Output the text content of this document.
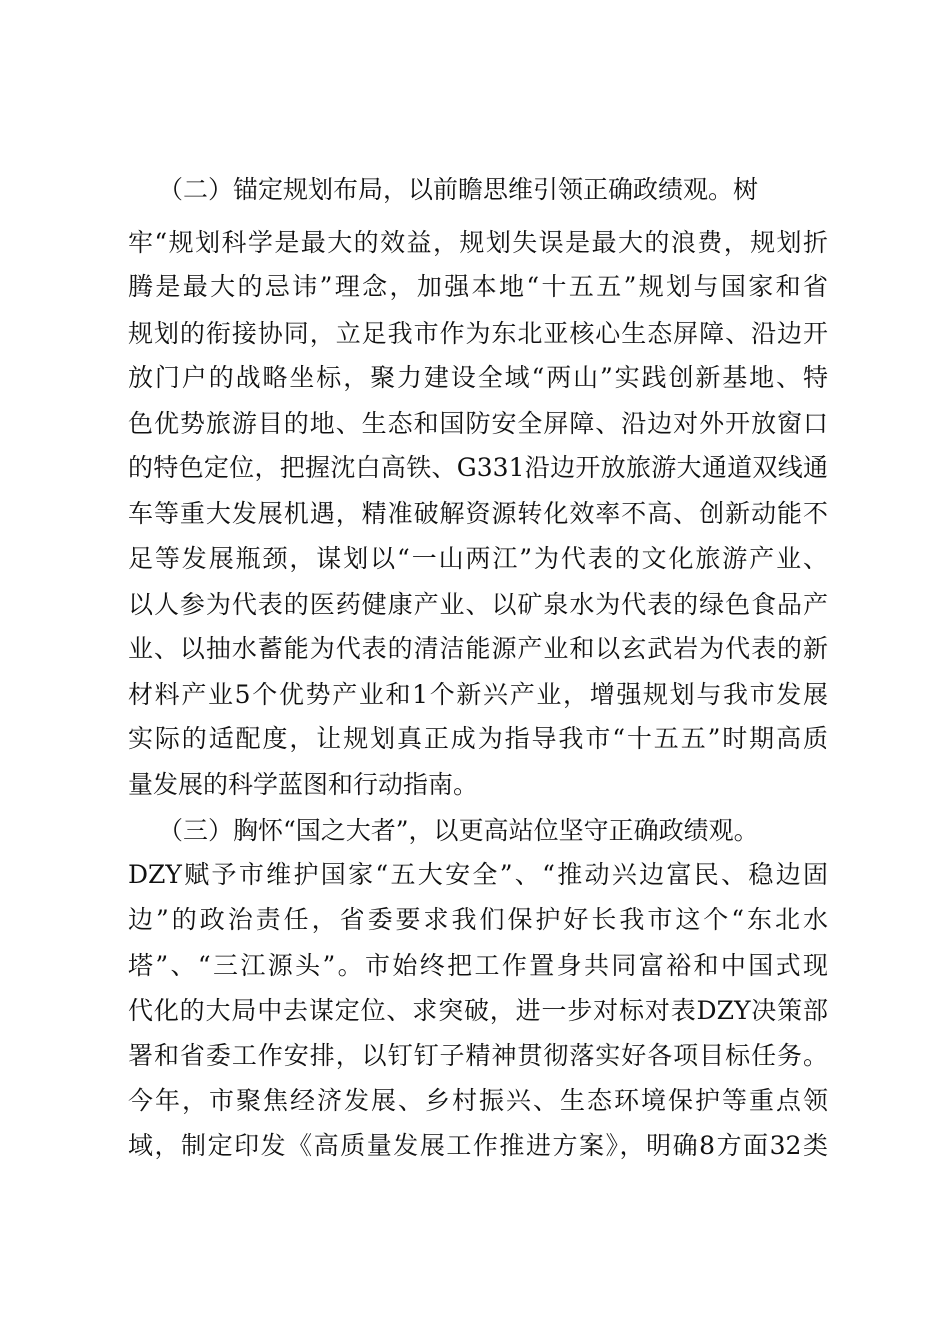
（二）锚定规划布局，以前瞻思维引领正确政绩观。树
牢“规划科学是最大的效益，规划失误是最大的浪费，规划折
腾是最大的忌讳”理念，加强本地“十五五”规划与国家和省
规划的衔接协同，立足我市作为东北亚核心生态屏障、沿边开
放门户的战略坐标，聚力建设全域“两山”实践创新基地、特
色优势旅游目的地、生态和国防安全屏障、沿边对外开放窗口
的特色定位，把握沈白高铁、G331沿边开放旅游大通道双线通
车等重大发展机遇，精准破解资源转化效率不高、创新动能不
足等发展瓶颈，谋划以“一山两江”为代表的文化旅游产业、
以人参为代表的医药健康产业、以矿泉水为代表的绿色食品产
业、以抽水蓄能为代表的清洁能源产业和以玄武岩为代表的新
材料产业5个优势产业和1个新兴产业，增强规划与我市发展
实际的适配度，让规划真正成为指导我市“十五五”时期高质
量发展的科学蓝图和行动指南。
（三）胸怀“国之大者”，以更高站位坚守正确政绩观。
DZY赋予市维护国家“五大安全”、“推动兴边富民、稳边固
边”的政治责任，省委要求我们保护好长我市这个“东北水
塔”、“三江源头”。市始终把工作置身共同富裕和中国式现
代化的大局中去谋定位、求突破，进一步对标对表DZY决策部
署和省委工作安排，以钉钉子精神贯彻落实好各项目标任务。
今年，市聚焦经济发展、乡村振兴、生态环境保护等重点领
域，制定印发《高质量发展工作推进方案》，明确8方面32类
